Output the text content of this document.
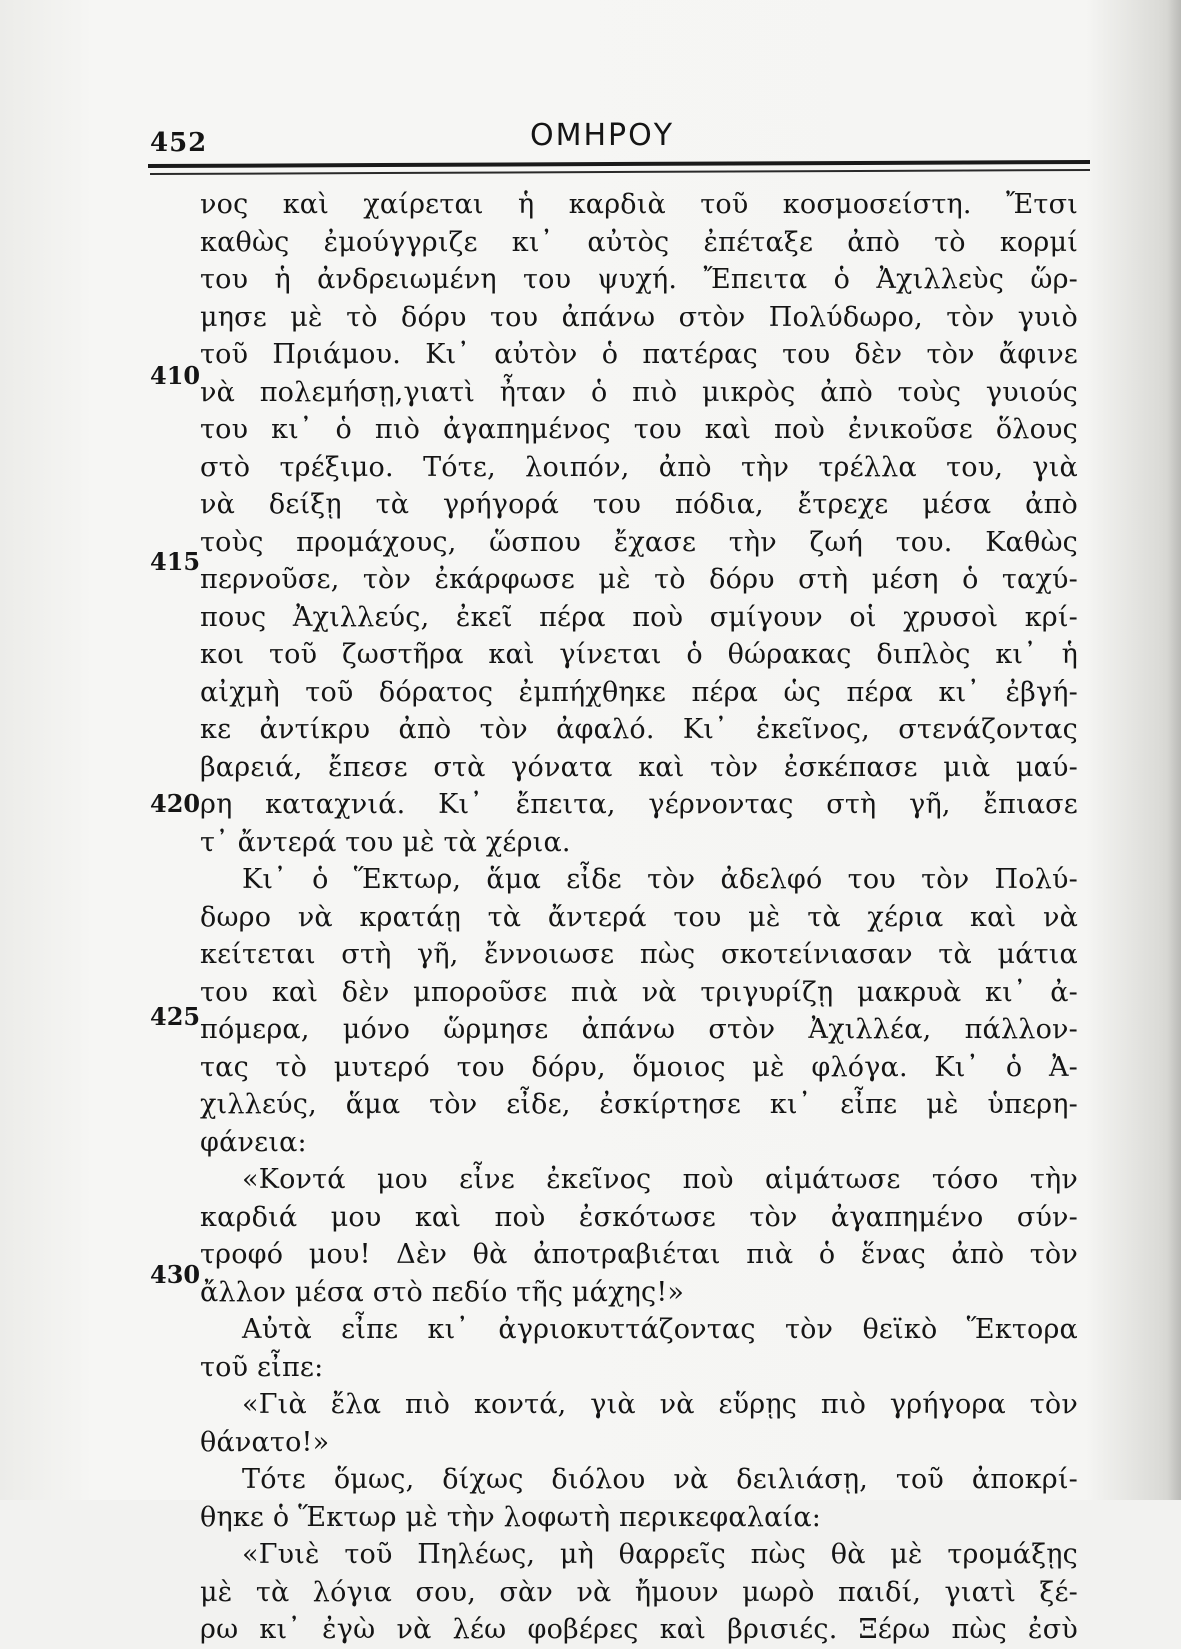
452	ΟΜΗΡΟΥ
410
415
420
425
430
νος καὶ χαίρεται ἡ καρδιὰ τοῦ κοσμοσείστη. Ἔτσι
καθὼς ἐμούγγριζε κι᾽ αὐτὸς ἐπέταξε ἀπὸ τὸ κορμί
του ἡ ἀνδρειωμένη του ψυχή. Ἔπειτα ὁ Ἀχιλλεὺς ὥρ-
μησε μὲ τὸ δόρυ του ἀπάνω στὸν Πολύδωρο, τὸν γυιὸ
τοῦ Πριάμου. Κι᾽ αὐτὸν ὁ πατέρας του δὲν τὸν ἄφινε
νὰ πολεμήσῃ,γιατὶ ἦταν ὁ πιὸ μικρὸς ἀπὸ τοὺς γυιούς
του κι᾽ ὁ πιὸ ἀγαπημένος του καὶ ποὺ ἐνικοῦσε ὅλους
στὸ τρέξιμο. Τότε, λοιπόν, ἀπὸ τὴν τρέλλα του, γιὰ
νὰ δείξῃ τὰ γρήγορά του πόδια, ἔτρεχε μέσα ἀπὸ
τοὺς προμάχους, ὥσπου ἔχασε τὴν ζωή του. Καθὼς
περνοῦσε, τὸν ἐκάρφωσε μὲ τὸ δόρυ στὴ μέση ὁ ταχύ-
πους Ἀχιλλεύς, ἐκεῖ πέρα ποὺ σμίγουν οἱ χρυσοὶ κρί-
κοι τοῦ ζωστῆρα καὶ γίνεται ὁ θώρακας διπλὸς κι᾽ ἡ
αἰχμὴ τοῦ δόρατος ἐμπήχθηκε πέρα ὡς πέρα κι᾽ ἐβγή-
κε ἀντίκρυ ἀπὸ τὸν ἀφαλό. Κι᾽ ἐκεῖνος, στενάζοντας
βαρειά, ἔπεσε στὰ γόνατα καὶ τὸν ἐσκέπασε μιὰ μαύ-
ρη καταχνιά. Κι᾽ ἔπειτα, γέρνοντας στὴ γῆ, ἔπιασε
τ᾽ ἄντερά του μὲ τὰ χέρια.
Κι᾽ ὁ Ἕκτωρ, ἅμα εἶδε τὸν ἀδελφό του τὸν Πολύ-
δωρο νὰ κρατάῃ τὰ ἄντερά του μὲ τὰ χέρια καὶ νὰ
κείτεται στὴ γῆ, ἔννοιωσε πὼς σκοτείνιασαν τὰ μάτια
του καὶ δὲν μποροῦσε πιὰ νὰ τριγυρίζῃ μακρυὰ κι᾽ ἀ-
πόμερα, μόνο ὥρμησε ἀπάνω στὸν Ἀχιλλέα, πάλλον-
τας τὸ μυτερό του δόρυ, ὅμοιος μὲ φλόγα. Κι᾽ ὁ Ἀ-
χιλλεύς, ἅμα τὸν εἶδε, ἐσκίρτησε κι᾽ εἶπε μὲ ὑπερη-
φάνεια:
«Κοντά μου εἶνε ἐκεῖνος ποὺ αἱμάτωσε τόσο τὴν
καρδιά μου καὶ ποὺ ἐσκότωσε τὸν ἀγαπημένο σύν-
τροφό μου! Δὲν θὰ ἀποτραβιέται πιὰ ὁ ἕνας ἀπὸ τὸν
ἄλλον μέσα στὸ πεδίο τῆς μάχης!»
Αὐτὰ εἶπε κι᾽ ἀγριοκυττάζοντας τὸν θεϊκὸ Ἕκτορα
τοῦ εἶπε:
«Γιὰ ἔλα πιὸ κοντά, γιὰ νὰ εὕρῃς πιὸ γρήγορα τὸν
θάνατο!»
Τότε ὅμως, δίχως διόλου νὰ δειλιάσῃ, τοῦ ἀποκρί-
θηκε ὁ Ἕκτωρ μὲ τὴν λοφωτὴ περικεφαλαία:
«Γυιὲ τοῦ Πηλέως, μὴ θαρρεῖς πὼς θὰ μὲ τρομάξῃς
μὲ τὰ λόγια σου, σὰν νὰ ἤμουν μωρὸ παιδί, γιατὶ ξέ-
ρω κι᾽ ἐγὼ νὰ λέω φοβέρες καὶ βρισιές. Ξέρω πὼς ἐσὺ
